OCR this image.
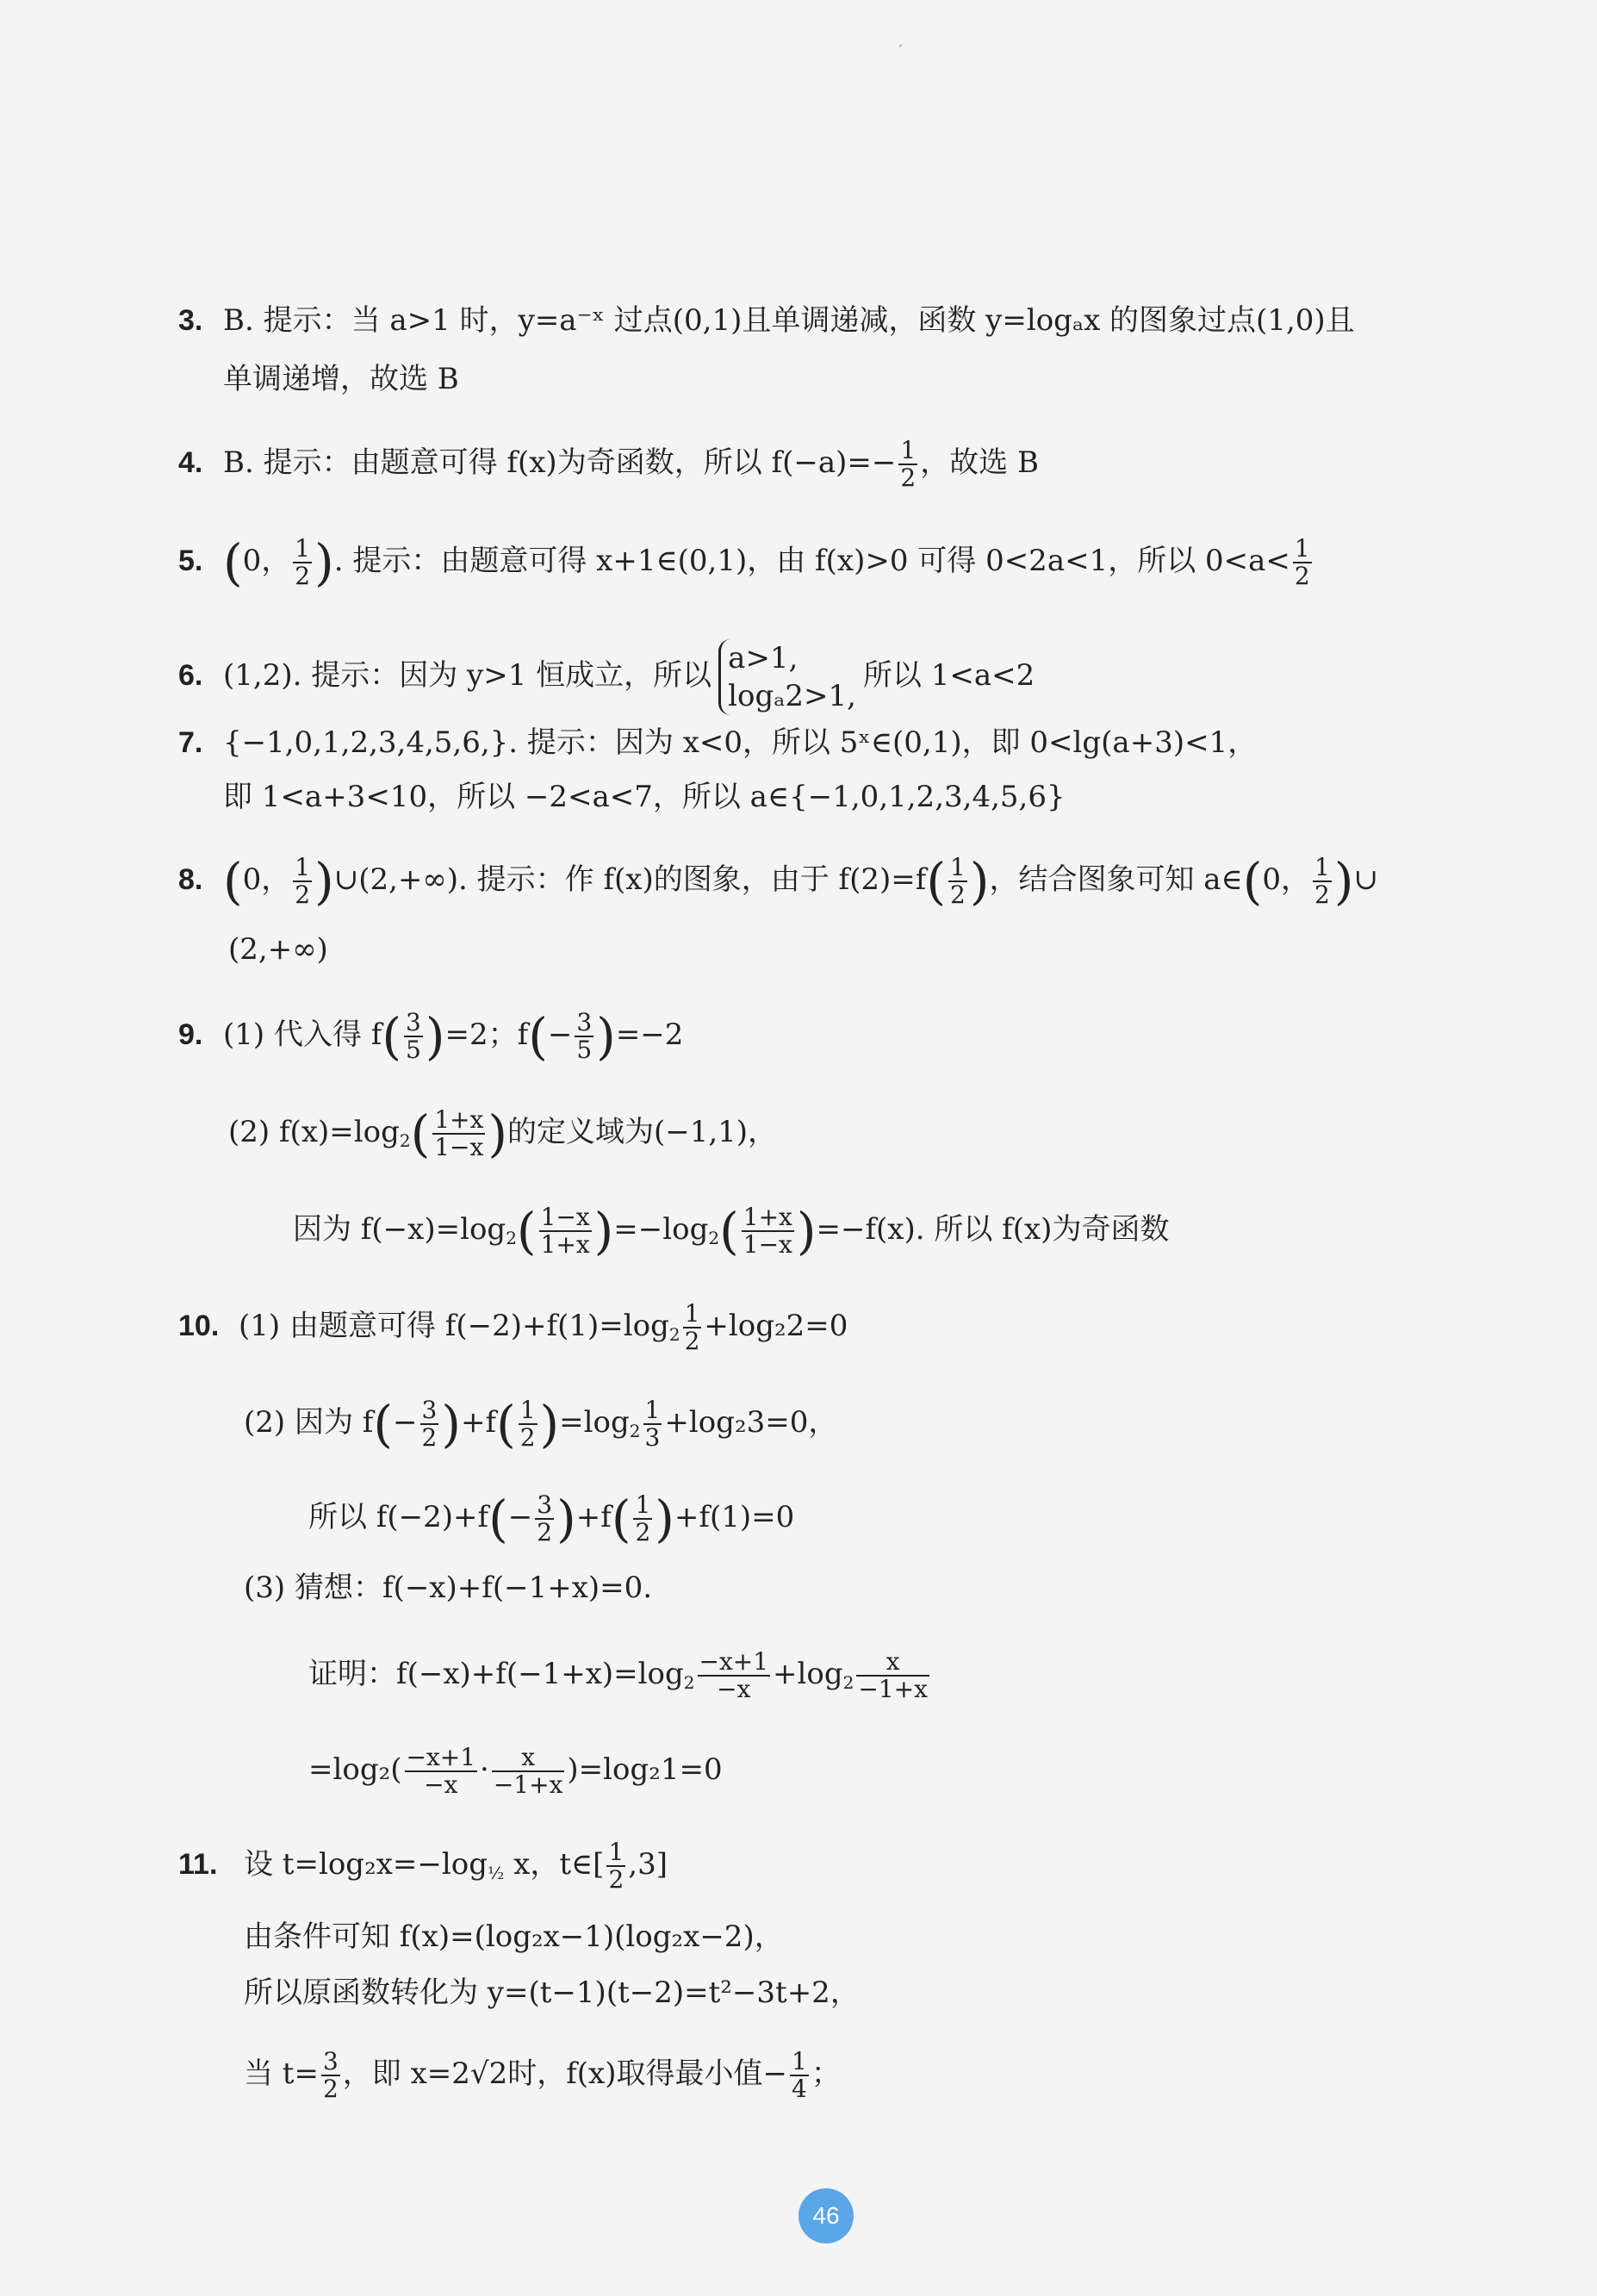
ˊ
3. B. 提示：当 a>1 时，y=a⁻ˣ 过点(0,1)且单调递减，函数 y=logₐx 的图象过点(1,0)且
单调递增，故选 B
4. B. 提示：由题意可得 f(x)为奇函数，所以 $f(-a)=- \frac{1}{2}$ ，故选 B
5. (0， $\frac{1}{2}$ ). 提示：由题意可得 x+1∈(0,1)，由 f(x)>0 可得 0<2a<1，所以 $0<a< \frac{1}{2}$
6. (1,2). 提示：因为 y>1 恒成立，所以 a>1,
logₐ2>1,
所以 1<a<2
7. {−1,0,1,2,3,4,5,6,}. 提示：因为 x<0，所以 5ˣ∈(0,1)，即 0<lg(a+3)<1，
即 1<a+3<10，所以 −2<a<7，所以 a∈{−1,0,1,2,3,4,5,6}
8. (0， $\frac{1}{2}$ )∪(2,+∞). 提示：作 f(x)的图象，由于 $f(2)=f( \frac{1}{2}$ )，结合图象可知 a∈(0， $\frac{1}{2}$ )∪
(2,+∞)
9. (1) 代入得 $f( \frac{3}{5} )=2$；$f(- \frac{3}{5} )=-2$
(2) $f(x)=\log 2( \frac{1+x}{1-x}$ )的定义域为(−1,1)，
因为 $f(-x)=\log 2( \frac{1-x}{1+x} )=-\log 2( \frac{1+x}{1-x} )=-f(x)$. 所以 f(x)为奇函数
10. (1) 由题意可得 $f(-2)+f(1)=\log 2 \frac{1}{2} +\log_22=0$
(2) 因为 $f(- \frac{3}{2} )+f( \frac{1}{2} )=\log 2 \frac{1}{3} +\log_23=0$，
所以 $f(-2)+f(- \frac{3}{2} )+f( \frac{1}{2} )+f(1)=0$
(3) 猜想：f(−x)+f(−1+x)=0.
证明：$f(-x)+f(-1+x)=\log 2 \frac{-x+1}{-x} +\log 2 \frac{x}{-1+x}$
$=\log_2( \frac{-x+1}{-x} \cdot \frac{x}{-1+x} )=\log_21=0$
11. 设 t=log₂x=−log½ x，t∈[ $\frac{1}{2} ,3$]
由条件可知 f(x)=(log₂x−1)(log₂x−2)，
所以原函数转化为 y=(t−1)(t−2)=t²−3t+2，
当 $t= \frac{3}{2}$ ，即 x=2√2时，f(x)取得最小值− $\frac{1}{4}$ ；
46
